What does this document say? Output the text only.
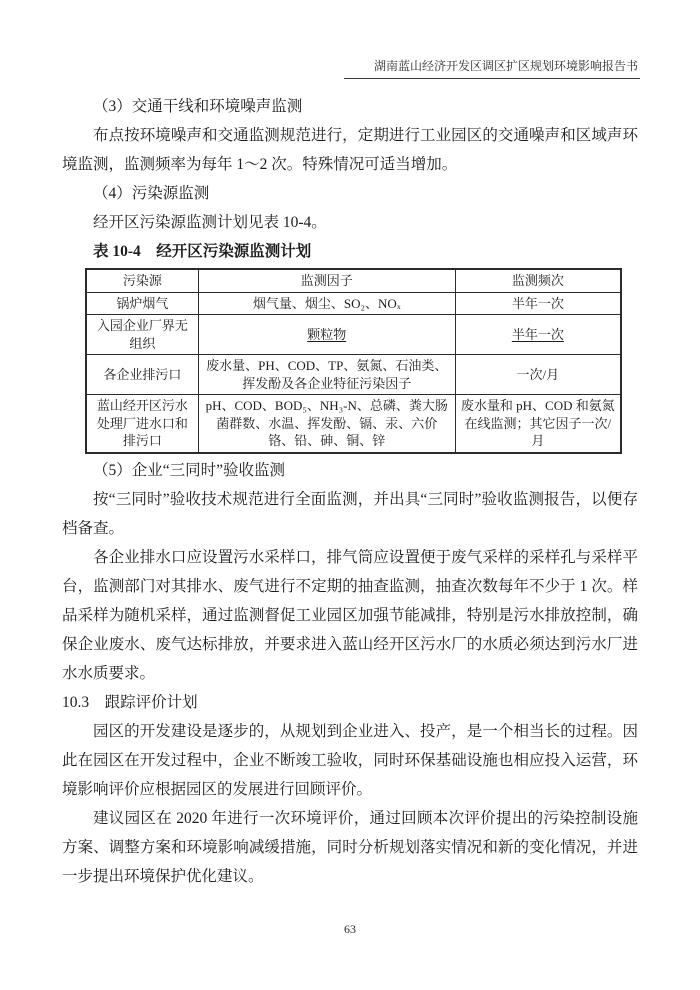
湖南蓝山经济开发区调区扩区规划环境影响报告书

（3）交通干线和环境噪声监测

布点按环境噪声和交通监测规范进行，定期进行工业园区的交通噪声和区域声环境监测，监测频率为每年 1～2 次。特殊情况可适当增加。

（4）污染源监测

经开区污染源监测计划见表 10-4。

表 10-4　经开区污染源监测计划

污染源	监测因子	监测频次
锅炉烟气	烟气量、烟尘、SO₂、NOₓ	半年一次
入园企业厂界无组织	颗粒物	半年一次
各企业排污口	废水量、PH、COD、TP、氨氮、石油类、挥发酚及各企业特征污染因子	一次/月
蓝山经开区污水处理厂进水口和排污口	pH、COD、BOD₅、NH₃-N、总磷、粪大肠菌群数、水温、挥发酚、镉、汞、六价铬、铅、砷、铜、锌	废水量和 pH、COD 和氨氮在线监测；其它因子一次/月

（5）企业“三同时”验收监测

按“三同时”验收技术规范进行全面监测，并出具“三同时”验收监测报告，以便存档备查。

各企业排水口应设置污水采样口，排气筒应设置便于废气采样的采样孔与采样平台，监测部门对其排水、废气进行不定期的抽查监测，抽查次数每年不少于 1 次。样品采样为随机采样，通过监测督促工业园区加强节能减排，特别是污水排放控制，确保企业废水、废气达标排放，并要求进入蓝山经开区污水厂的水质必须达到污水厂进水水质要求。

10.3　跟踪评价计划

园区的开发建设是逐步的，从规划到企业进入、投产，是一个相当长的过程。因此在园区在开发过程中，企业不断竣工验收，同时环保基础设施也相应投入运营，环境影响评价应根据园区的发展进行回顾评价。

建议园区在 2020 年进行一次环境评价，通过回顾本次评价提出的污染控制设施方案、调整方案和环境影响减缓措施，同时分析规划落实情况和新的变化情况，并进一步提出环境保护优化建议。

63
